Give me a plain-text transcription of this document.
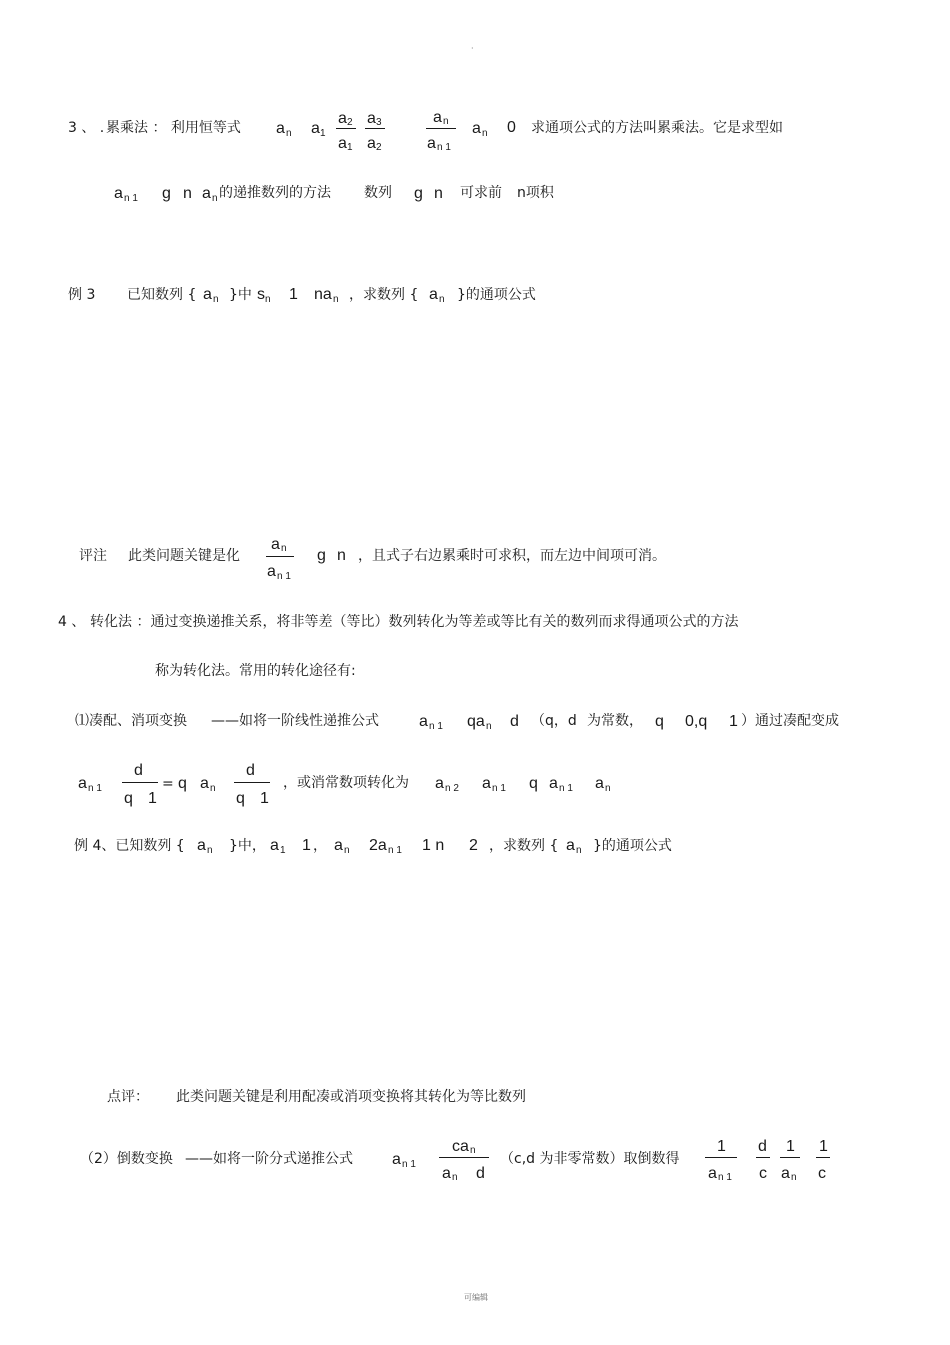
·
3 、 . 累乘法 ： 利用恒等式 a n a 1
a 2
a 1
a 3
a 2
a n
a n 1
a n 0 求通项公式的方法叫累乘法。它是求型如
a n 1 g n a n 的递推数列的方法 数列 g n 可求前 n项积
例 3 已知数列 { a n }中 s n 1 na n ，求数列 { a n }的通项公式
评注 此类问题关键是化
a n
a n 1
g n ，且式子右边累乘时可求积，而左边中间项可消。
4 、 转化法 ：通过变换递推关系，将非等差（等比）数列转化为等差或等比有关的数列而求得通项公式的方法
称为转化法。常用的转化途径有:
⑴凑配、消项变换 ——如将一阶线性递推公式	a n 1 qa n d （q，d 为常数， q 0,q 1 ）通过凑配变成
a n 1
d
q 1
= q a n
d
q 1
，或消常数项转化为 a n 2 a n 1 q a n 1 a n
例 4、已知数列 { a n }中， a 1 1 ， a n 2a n 1 1 n 2 ，求数列 { a n }的通项公式
点评： 此类问题关键是利用配凑或消项变换将其转化为等比数列
（2）倒数变换 ——如将一阶分式递推公式 a n 1
ca n
a n d
（c,d 为非零常数）取倒数得
1
a n 1
d
c
1
a n
1
c
可编辑
